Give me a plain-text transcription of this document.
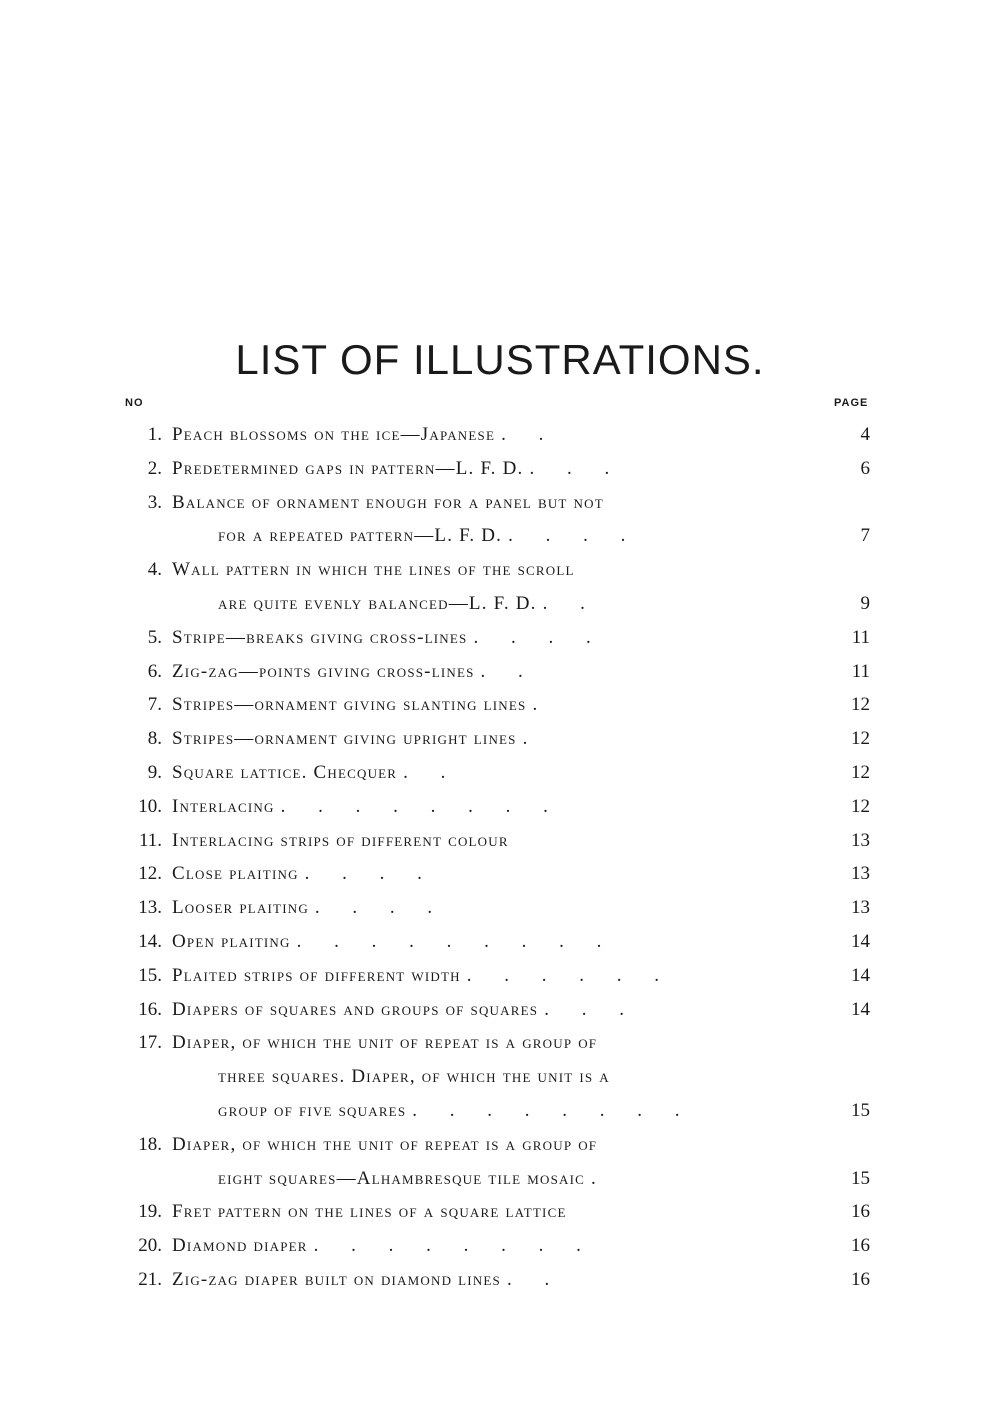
LIST OF ILLUSTRATIONS.
NO	PAGE
1. Peach blossoms on the ice—Japanese . .	4
2. Predetermined gaps in pattern—L. F. D. . . .	6
3. Balance of ornament enough for a panel but not
for a repeated pattern—L. F. D. . . . .	7
4. Wall pattern in which the lines of the scroll
are quite evenly balanced—L. F. D. . .	9
5. Stripe—breaks giving cross-lines . . . .	11
6. Zig-zag—points giving cross-lines . .	11
7. Stripes—ornament giving slanting lines .	12
8. Stripes—ornament giving upright lines .	12
9. Square lattice. Checquer . .	12
10. Interlacing . . . . . . . .	12
11. Interlacing strips of different colour	13
12. Close plaiting . . . .	13
13. Looser plaiting . . . .	13
14. Open plaiting . . . . . . . . .	14
15. Plaited strips of different width . . . . . .	14
16. Diapers of squares and groups of squares . . .	14
17. Diaper, of which the unit of repeat is a group of
three squares. Diaper, of which the unit is a
group of five squares . . . . . . . .	15
18. Diaper, of which the unit of repeat is a group of
eight squares—Alhambresque tile mosaic .	15
19. Fret pattern on the lines of a square lattice	16
20. Diamond diaper . . . . . . . .	16
21. Zig-zag diaper built on diamond lines . .	16
